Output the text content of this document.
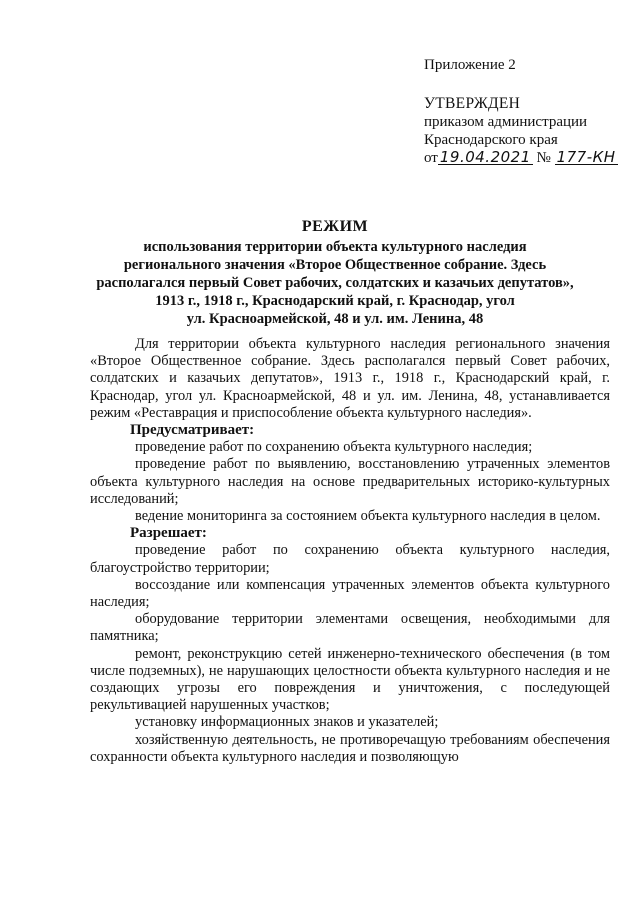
Приложение 2
УТВЕРЖДЕН
приказом администрации
Краснодарского края
от 19.04.2021 № 177-КН
РЕЖИМ
использования территории объекта культурного наследия
регионального значения «Второе Общественное собрание. Здесь
располагался первый Совет рабочих, солдатских и казачьих депутатов»,
1913 г., 1918 г., Краснодарский край, г. Краснодар, угол
ул. Красноармейской, 48 и ул. им. Ленина, 48

Для территории объекта культурного наследия регионального значения «Второе Общественное собрание. Здесь располагался первый Совет рабочих, солдатских и казачьих депутатов», 1913 г., 1918 г., Краснодарский край, г. Краснодар, угол ул. Красноармейской, 48 и ул. им. Ленина, 48, устанавливается режим «Реставрация и приспособление объекта культурного наследия».

Предусматривает:

проведение работ по сохранению объекта культурного наследия;

проведение работ по выявлению, восстановлению утраченных элементов объекта культурного наследия на основе предварительных историко-культурных исследований;

ведение мониторинга за состоянием объекта культурного наследия в целом.

Разрешает:

проведение работ по сохранению объекта культурного наследия, благоустройство территории;

воссоздание или компенсация утраченных элементов объекта культурного наследия;

оборудование территории элементами освещения, необходимыми для памятника;

ремонт, реконструкцию сетей инженерно-технического обеспечения (в том числе подземных), не нарушающих целостности объекта культурного наследия и не создающих угрозы его повреждения и уничтожения, с последующей рекультивацией нарушенных участков;

установку информационных знаков и указателей;

хозяйственную деятельность, не противоречащую требованиям обеспечения сохранности объекта культурного наследия и позволяющую
